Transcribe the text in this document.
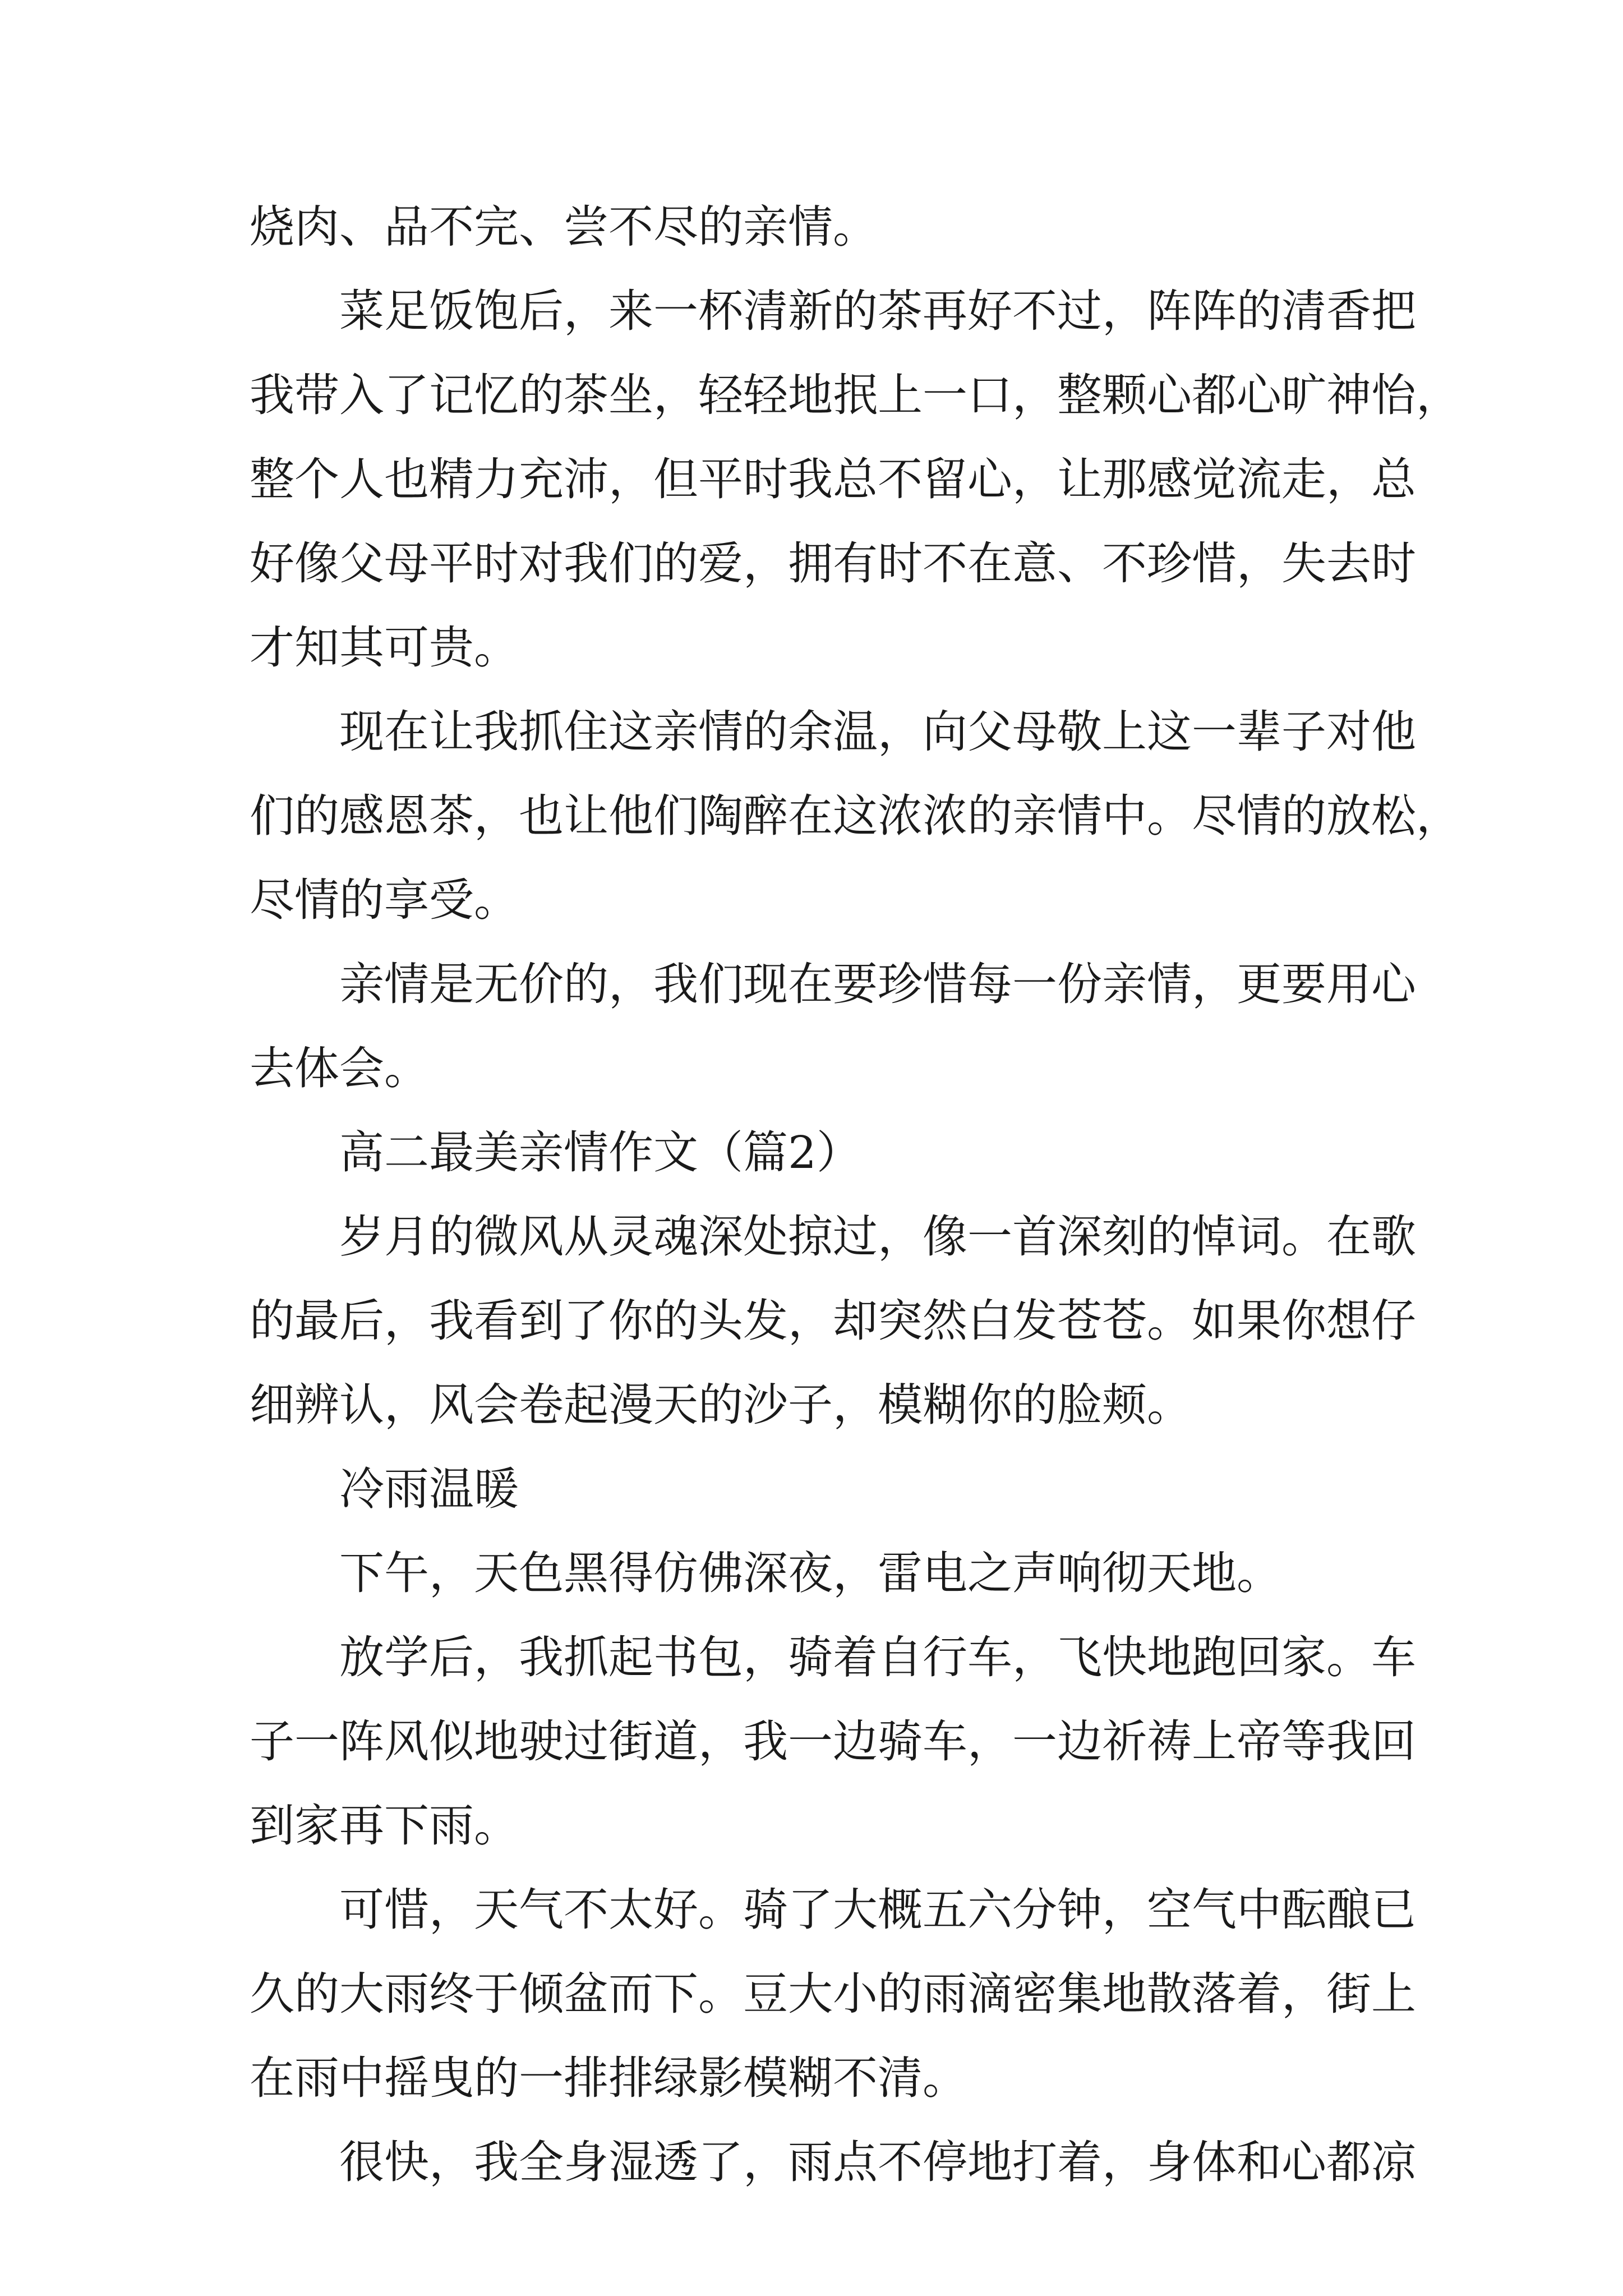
烧肉、品不完、尝不尽的亲情。

菜足饭饱后，来一杯清新的茶再好不过，阵阵的清香把

我带入了记忆的茶坐，轻轻地抿上一口，整颗心都心旷神怡，

整个人也精力充沛，但平时我总不留心，让那感觉流走，总

好像父母平时对我们的爱，拥有时不在意、不珍惜，失去时

才知其可贵。

现在让我抓住这亲情的余温，向父母敬上这一辈子对他

们的感恩茶，也让他们陶醉在这浓浓的亲情中。尽情的放松，

尽情的享受。

亲情是无价的，我们现在要珍惜每一份亲情，更要用心

去体会。

高二最美亲情作文（篇2）

岁月的微风从灵魂深处掠过，像一首深刻的悼词。在歌

的最后，我看到了你的头发，却突然白发苍苍。如果你想仔

细辨认，风会卷起漫天的沙子，模糊你的脸颊。

冷雨温暖

下午，天色黑得仿佛深夜，雷电之声响彻天地。

放学后，我抓起书包，骑着自行车，飞快地跑回家。车

子一阵风似地驶过街道，我一边骑车，一边祈祷上帝等我回

到家再下雨。

可惜，天气不太好。骑了大概五六分钟，空气中酝酿已

久的大雨终于倾盆而下。豆大小的雨滴密集地散落着，街上

在雨中摇曳的一排排绿影模糊不清。

很快，我全身湿透了，雨点不停地打着，身体和心都凉
